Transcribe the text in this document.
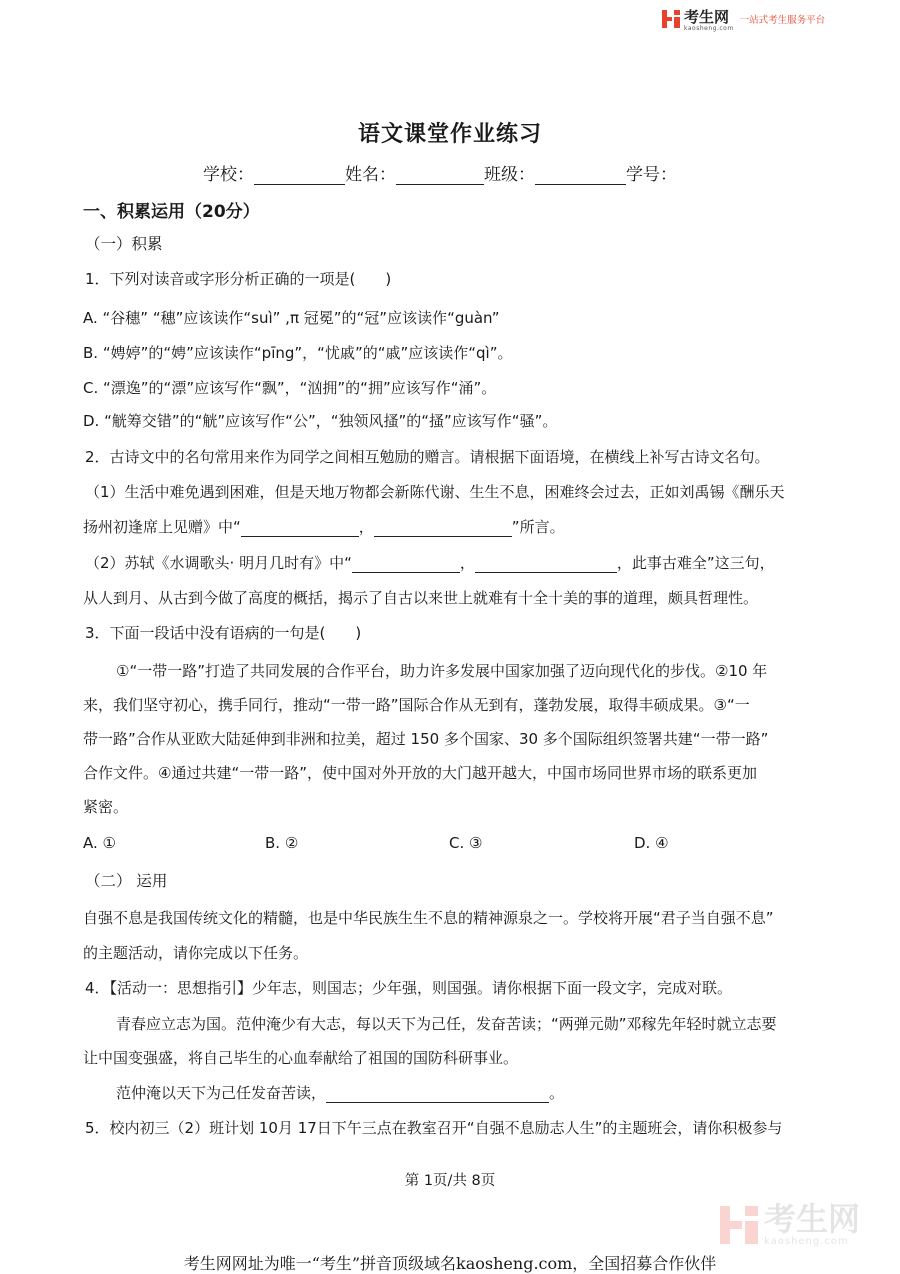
考生网
kaosheng.com
一站式考生服务平台
语文课堂作业练习
学校：	姓名：	班级：	学号：
一、积累运用（20分）
（一）积累
1．下列对读音或字形分析正确的一项是(　　)
A. “谷穗” “穗”应该读作“suì” ,π 冠冕”的“冠”应该读作“guàn”
B. “娉婷”的“娉”应该读作“pīng”，“忧戚”的“戚”应该读作“qì”。
C. “漂逸”的“漂”应该写作“飘”，“汹拥”的“拥”应该写作“涌”。
D. “觥筹交错”的“觥”应该写作“公”，“独领风搔”的“搔”应该写作“骚”。
2．古诗文中的名句常用来作为同学之间相互勉励的赠言。请根据下面语境，在横线上补写古诗文名句。
（1）生活中难免遇到困难，但是天地万物都会新陈代谢、生生不息，困难终会过去，正如刘禹锡《酬乐天
扬州初逢席上见赠》中“	，	”所言。
（2）苏轼《水调歌头· 明月几时有》中“	，	，此事古难全”这三句，
从人到月、从古到今做了高度的概括，揭示了自古以来世上就难有十全十美的事的道理，颇具哲理性。
3．下面一段话中没有语病的一句是(　　)
①“一带一路”打造了共同发展的合作平台，助力许多发展中国家加强了迈向现代化的步伐。②10 年
来，我们坚守初心，携手同行，推动“一带一路”国际合作从无到有，蓬勃发展，取得丰硕成果。③“一
带一路”合作从亚欧大陆延伸到非洲和拉美，超过 150 多个国家、30 多个国际组织签署共建“一带一路”
合作文件。④通过共建“一带一路”，使中国对外开放的大门越开越大，中国市场同世界市场的联系更加
紧密。
A. ①	B. ②	C. ③	D. ④
（二） 运用
自强不息是我国传统文化的精髓，也是中华民族生生不息的精神源泉之一。学校将开展“君子当自强不息”
的主题活动，请你完成以下任务。
4．【活动一：思想指引】少年志，则国志；少年强，则国强。请你根据下面一段文字，完成对联。
青春应立志为国。范仲淹少有大志，每以天下为己任，发奋苦读；“两弹元勋”邓稼先年轻时就立志要
让中国变强盛，将自己毕生的心血奉献给了祖国的国防科研事业。
范仲淹以天下为己任发奋苦读，	。
5．校内初三（2）班计划 10月 17日下午三点在教室召开“自强不息励志人生”的主题班会，请你积极参与
第 1页/共 8页
考生网
kaosheng.com
考生网网址为唯一“考生”拼音顶级域名kaosheng.com，全国招募合作伙伴
